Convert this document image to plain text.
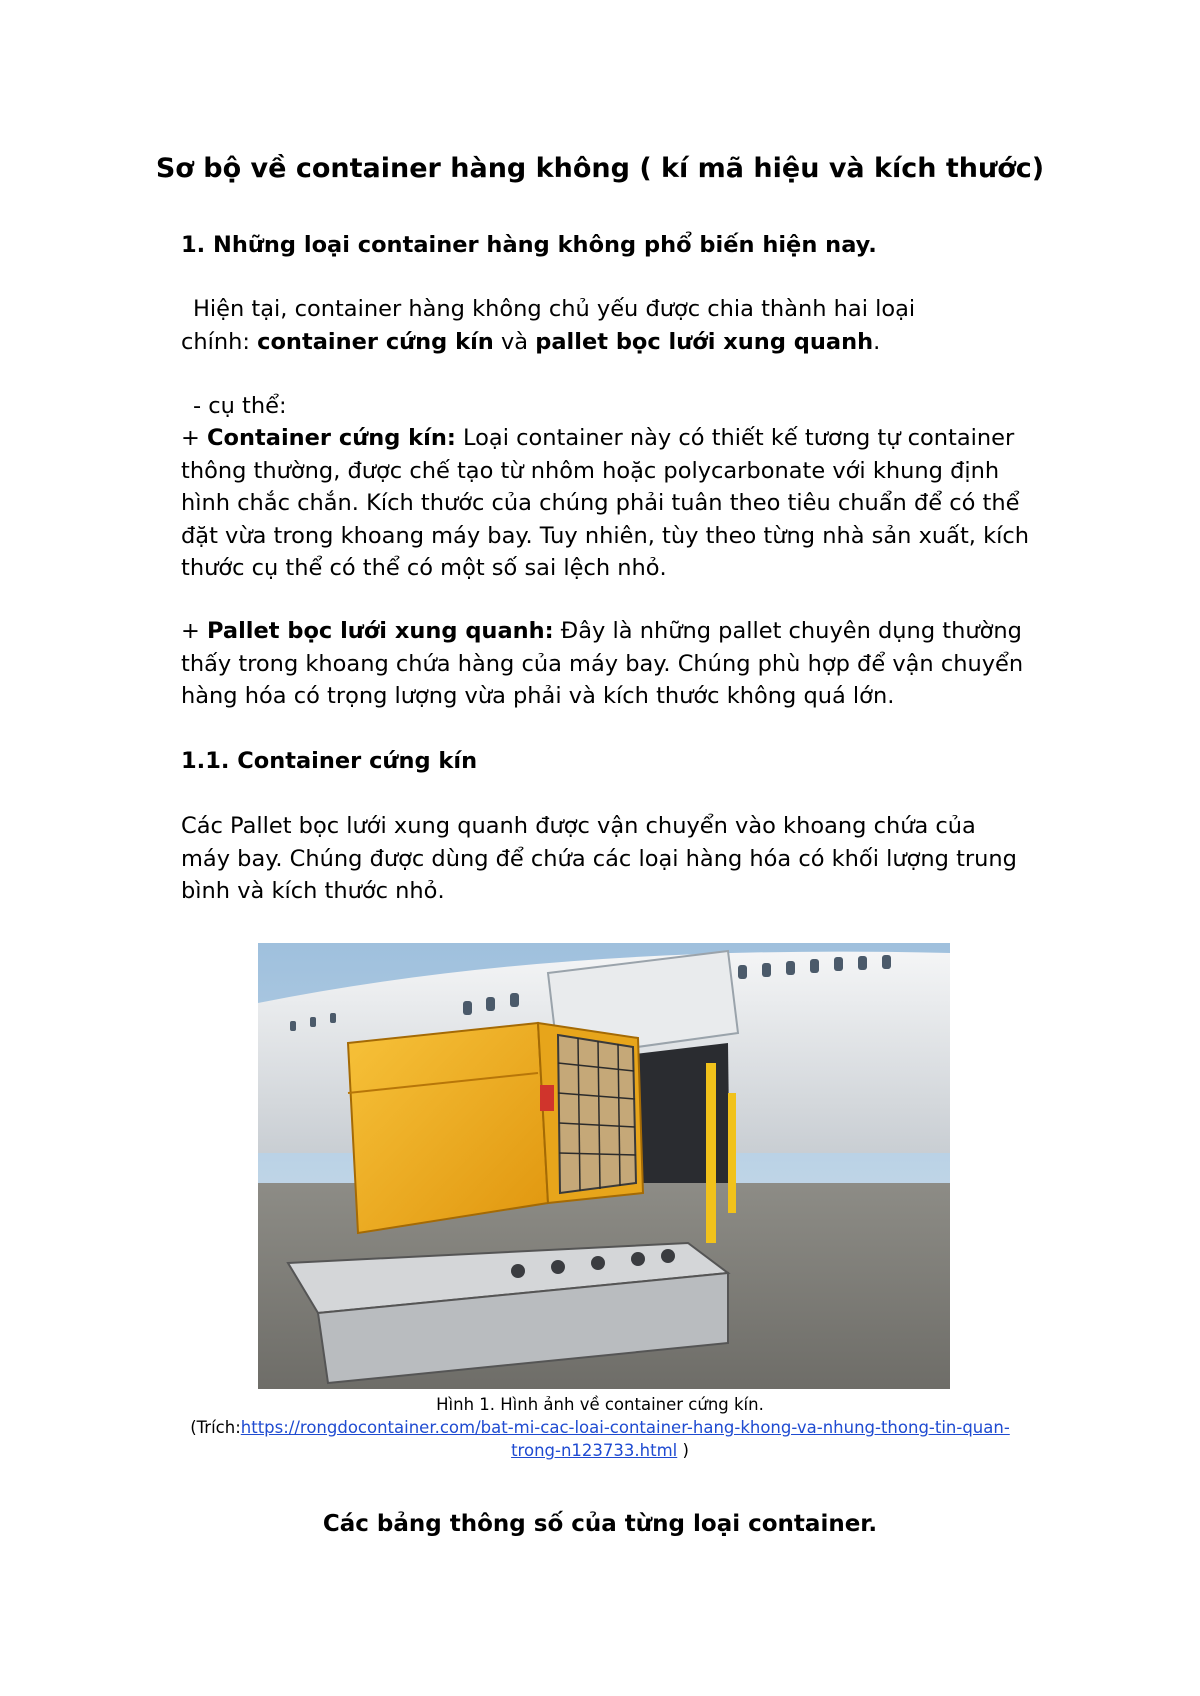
Sơ bộ về container hàng không ( kí mã hiệu và kích thước)
1. Những loại container hàng không phổ biến hiện nay.
Hiện tại, container hàng không chủ yếu được chia thành hai loại
chính: container cứng kín và pallet bọc lưới xung quanh.
- cụ thể:
+ Container cứng kín: Loại container này có thiết kế tương tự container thông thường, được chế tạo từ nhôm hoặc polycarbonate với khung định hình chắc chắn. Kích thước của chúng phải tuân theo tiêu chuẩn để có thể đặt vừa trong khoang máy bay. Tuy nhiên, tùy theo từng nhà sản xuất, kích thước cụ thể có thể có một số sai lệch nhỏ.
+ Pallet bọc lưới xung quanh: Đây là những pallet chuyên dụng thường thấy trong khoang chứa hàng của máy bay. Chúng phù hợp để vận chuyển hàng hóa có trọng lượng vừa phải và kích thước không quá lớn.
1.1. Container cứng kín
Các Pallet bọc lưới xung quanh được vận chuyển vào khoang chứa của máy bay. Chúng được dùng để chứa các loại hàng hóa có khối lượng trung bình và kích thước nhỏ.
Hình 1. Hình ảnh về container cứng kín.
(Trích:https://rongdocontainer.com/bat-mi-cac-loai-container-hang-khong-va-nhung-thong-tin-quan-
trong-n123733.html )
Các bảng thông số của từng loại container.
